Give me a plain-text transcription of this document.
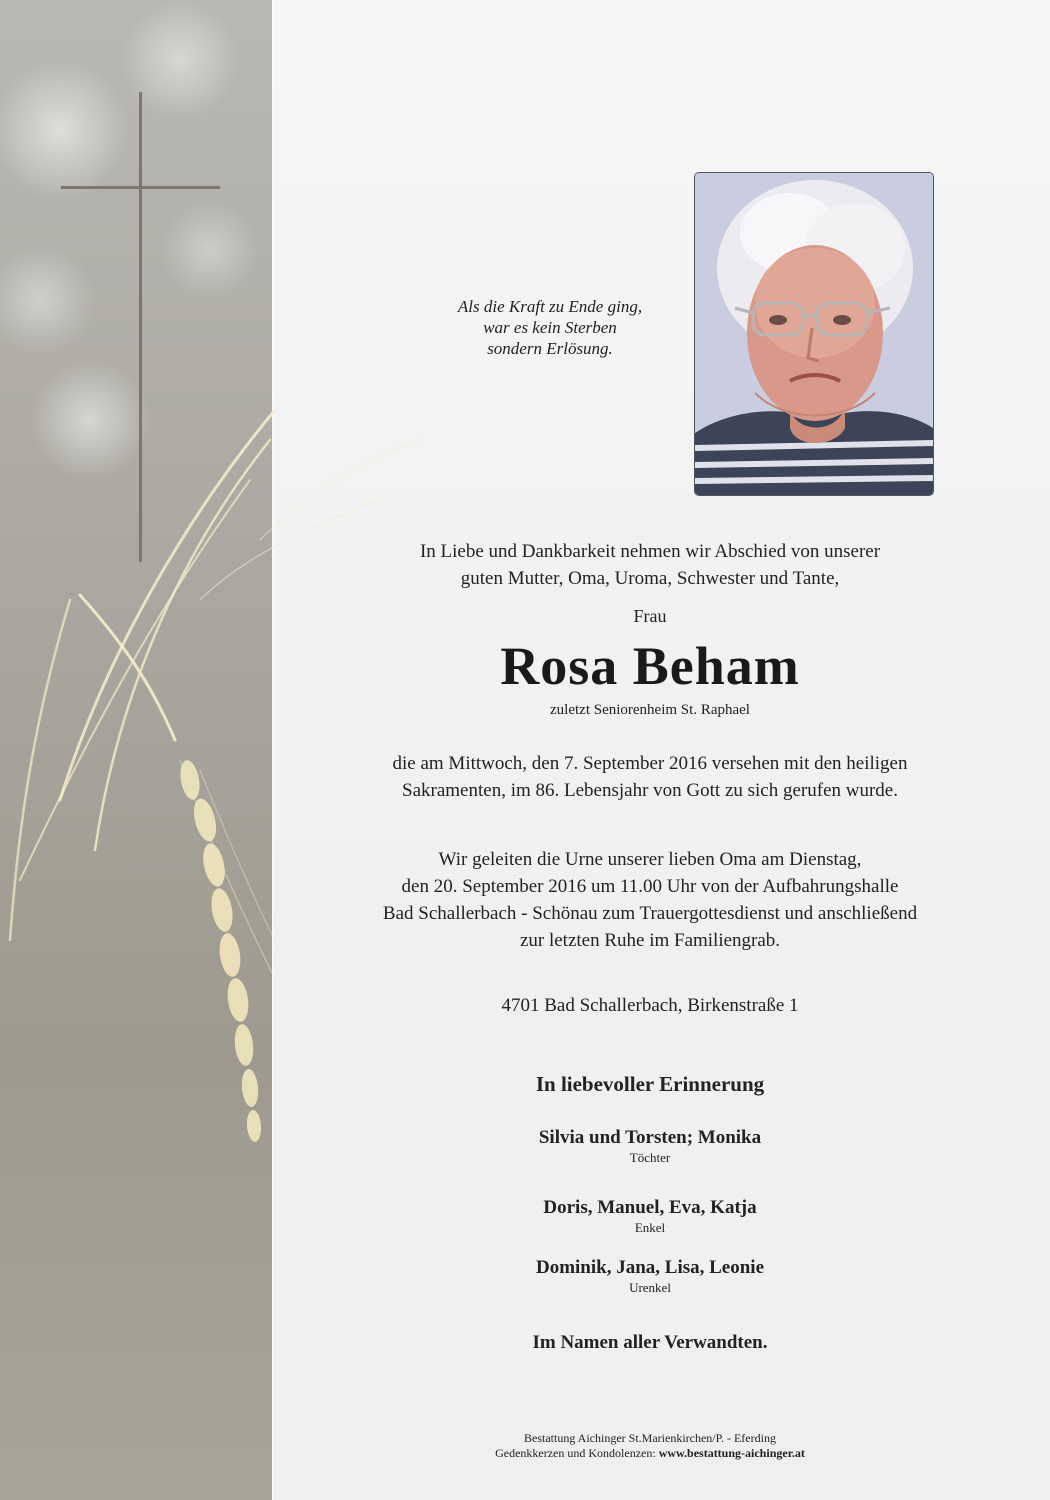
Als die Kraft zu Ende ging,
war es kein Sterben
sondern Erlösung.
In Liebe und Dankbarkeit nehmen wir Abschied von unserer
guten Mutter, Oma, Uroma, Schwester und Tante,
Frau
Rosa Beham
zuletzt Seniorenheim St. Raphael
die am Mittwoch, den 7. September 2016 versehen mit den heiligen
Sakramenten, im 86. Lebensjahr von Gott zu sich gerufen wurde.
Wir geleiten die Urne unserer lieben Oma am Dienstag,
den 20. September 2016 um 11.00 Uhr von der Aufbahrungshalle
Bad Schallerbach - Schönau zum Trauergottesdienst und anschließend
zur letzten Ruhe im Familiengrab.
4701 Bad Schallerbach, Birkenstraße 1
In liebevoller Erinnerung
Silvia und Torsten; Monika
Töchter
Doris, Manuel, Eva, Katja
Enkel
Dominik, Jana, Lisa, Leonie
Urenkel
Im Namen aller Verwandten.
Bestattung Aichinger St.Marienkirchen/P. - Eferding
Gedenkkerzen und Kondolenzen: www.bestattung-aichinger.at
